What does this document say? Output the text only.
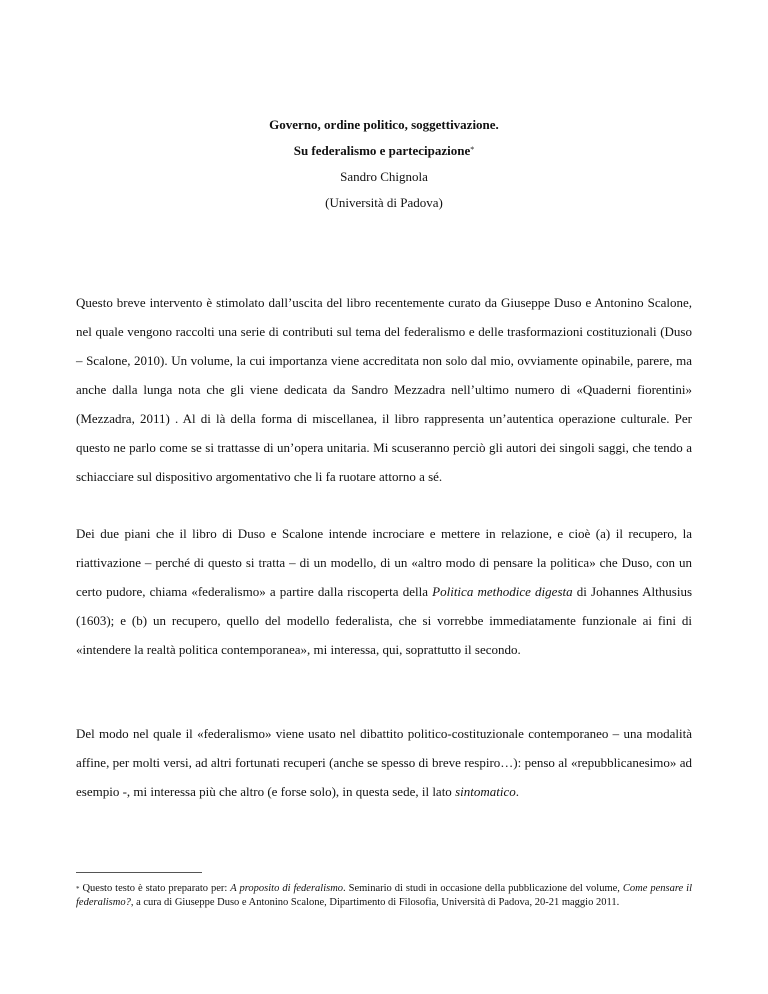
Governo, ordine politico, soggettivazione.
Su federalismo e partecipazione*
Sandro Chignola
(Università di Padova)

Questo breve intervento è stimolato dall’uscita del libro recentemente curato da Giuseppe Duso e Antonino Scalone, nel quale vengono raccolti una serie di contributi sul tema del federalismo e delle trasformazioni costituzionali (Duso – Scalone, 2010). Un volume, la cui importanza viene accreditata non solo dal mio, ovviamente opinabile, parere, ma anche dalla lunga nota che gli viene dedicata da Sandro Mezzadra nell’ultimo numero di «Quaderni fiorentini» (Mezzadra, 2011) . Al di là della forma di miscellanea, il libro rappresenta un’autentica operazione culturale. Per questo ne parlo come se si trattasse di un’opera unitaria. Mi scuseranno perciò gli autori dei singoli saggi, che tendo a schiacciare sul dispositivo argomentativo che li fa ruotare attorno a sé.

Dei due piani che il libro di Duso e Scalone intende incrociare e mettere in relazione, e cioè (a) il recupero, la riattivazione – perché di questo si tratta – di un modello, di un «altro modo di pensare la politica» che Duso, con un certo pudore, chiama «federalismo» a partire dalla riscoperta della Politica methodice digesta di Johannes Althusius (1603); e (b) un recupero, quello del modello federalista, che si vorrebbe immediatamente funzionale ai fini di «intendere la realtà politica contemporanea», mi interessa, qui, soprattutto il secondo.

Del modo nel quale il «federalismo» viene usato nel dibattito politico-costituzionale contemporaneo – una modalità affine, per molti versi, ad altri fortunati recuperi (anche se spesso di breve respiro…): penso al «repubblicanesimo» ad esempio -, mi interessa più che altro (e forse solo), in questa sede, il lato sintomatico.

* Questo testo è stato preparato per: A proposito di federalismo. Seminario di studi in occasione della pubblicazione del volume, Come pensare il federalismo?, a cura di Giuseppe Duso e Antonino Scalone, Dipartimento di Filosofia, Università di Padova, 20-21 maggio 2011.
